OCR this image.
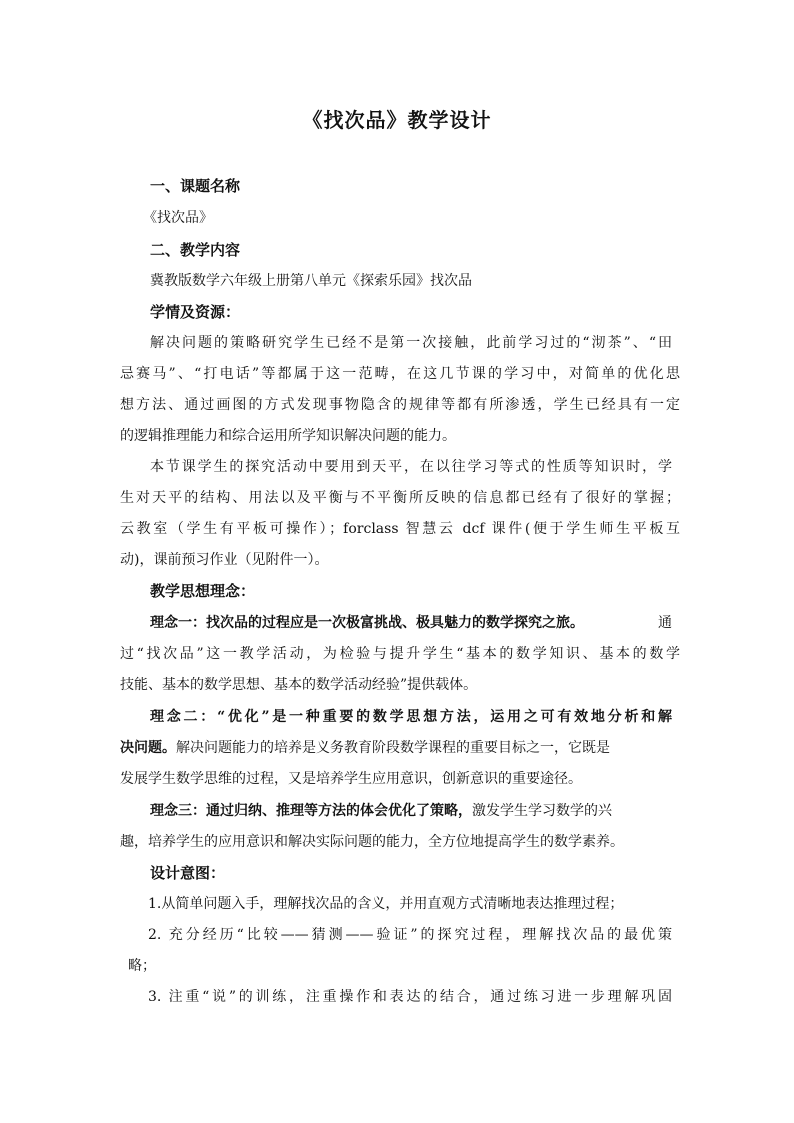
《找次品》教学设计
一、课题名称
《找次品》
二、教学内容
冀教版数学六年级上册第八单元《探索乐园》找次品
学情及资源：
解决问题的策略研究学生已经不是第一次接触，此前学习过的“沏茶”、“田
忌赛马”、“打电话”等都属于这一范畴，在这几节课的学习中，对简单的优化思
想方法、通过画图的方式发现事物隐含的规律等都有所渗透，学生已经具有一定
的逻辑推理能力和综合运用所学知识解决问题的能力。
本节课学生的探究活动中要用到天平，在以往学习等式的性质等知识时，学
生对天平的结构、用法以及平衡与不平衡所反映的信息都已经有了很好的掌握；
云教室（学生有平板可操作）；forclass 智慧云 dcf 课件(便于学生师生平板互
动)，课前预习作业（见附件一）。
教学思想理念：
理念一：找次品的过程应是一次极富挑战、极具魅力的数学探究之旅。	通
过“找次品”这一教学活动，为检验与提升学生“基本的数学知识、基本的数学
技能、基本的数学思想、基本的数学活动经验”提供载体。
理念二：“优化”是一种重要的数学思想方法，运用之可有效地分析和解
决问题。解决问题能力的培养是义务教育阶段数学课程的重要目标之一，它既是
发展学生数学思维的过程，又是培养学生应用意识，创新意识的重要途径。
理念三：通过归纳、推理等方法的体会优化了策略，激发学生学习数学的兴
趣，培养学生的应用意识和解决实际问题的能力，全方位地提高学生的数学素养。
设计意图：
1.从简单问题入手，理解找次品的含义，并用直观方式清晰地表达推理过程；
2. 充分经历“比较——猜测——验证”的探究过程，理解找次品的最优策
略；
3. 注重“说”的训练，注重操作和表达的结合，通过练习进一步理解巩固
